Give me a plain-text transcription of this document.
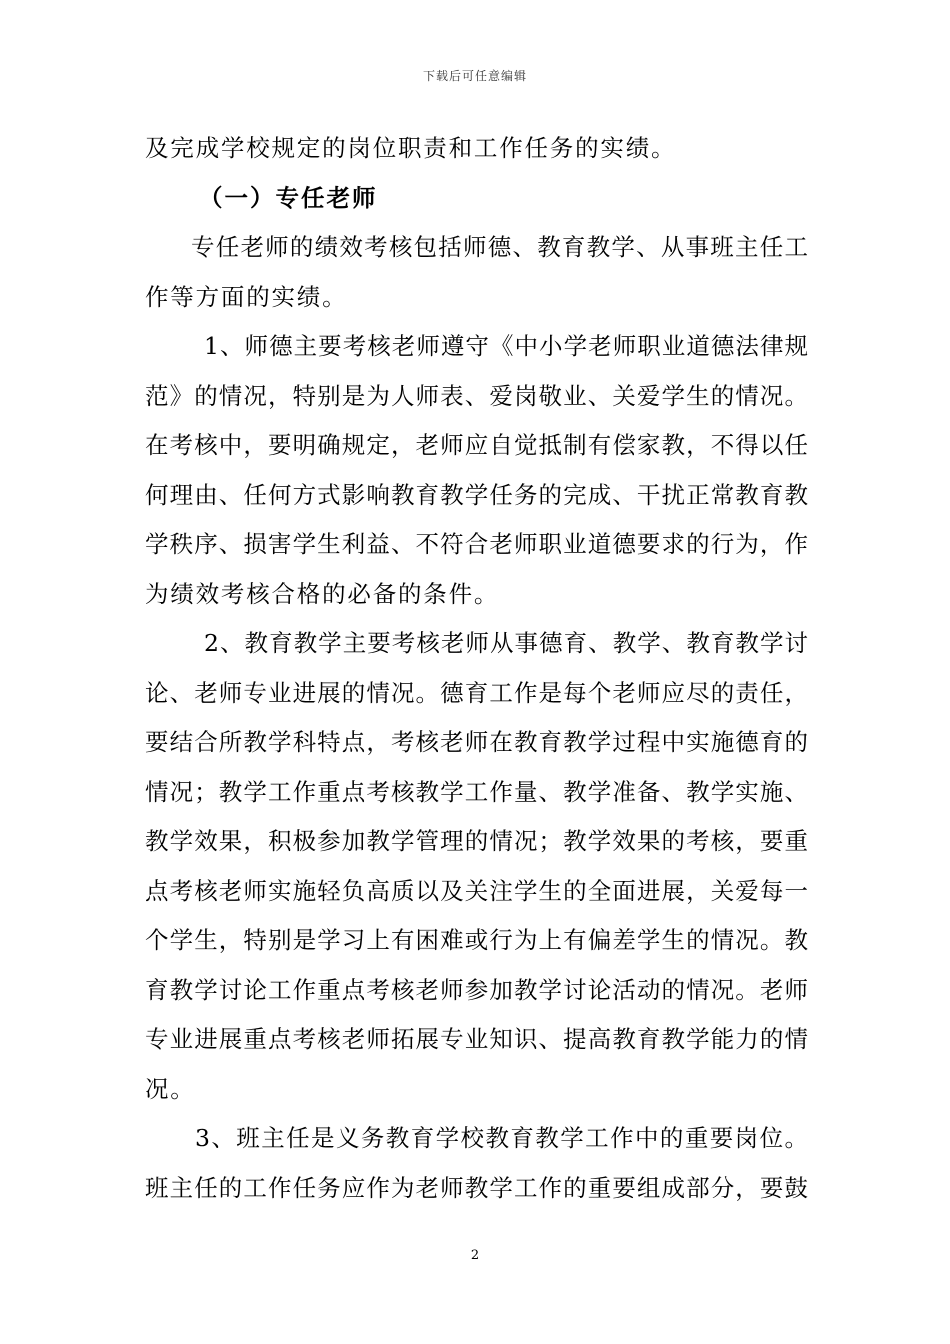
下载后可任意编辑
及完成学校规定的岗位职责和工作任务的实绩。
（一）专任老师
专任老师的绩效考核包括师德、教育教学、从事班主任工
作等方面的实绩。
1、师德主要考核老师遵守《中小学老师职业道德法律规
范》的情况，特别是为人师表、爱岗敬业、关爱学生的情况。
在考核中，要明确规定，老师应自觉抵制有偿家教，不得以任
何理由、任何方式影响教育教学任务的完成、干扰正常教育教
学秩序、损害学生利益、不符合老师职业道德要求的行为，作
为绩效考核合格的必备的条件。
2、教育教学主要考核老师从事德育、教学、教育教学讨
论、老师专业进展的情况。德育工作是每个老师应尽的责任，
要结合所教学科特点，考核老师在教育教学过程中实施德育的
情况；教学工作重点考核教学工作量、教学准备、教学实施、
教学效果，积极参加教学管理的情况；教学效果的考核，要重
点考核老师实施轻负高质以及关注学生的全面进展，关爱每一
个学生，特别是学习上有困难或行为上有偏差学生的情况。教
育教学讨论工作重点考核老师参加教学讨论活动的情况。老师
专业进展重点考核老师拓展专业知识、提高教育教学能力的情
况。
3、班主任是义务教育学校教育教学工作中的重要岗位。
班主任的工作任务应作为老师教学工作的重要组成部分，要鼓
2
